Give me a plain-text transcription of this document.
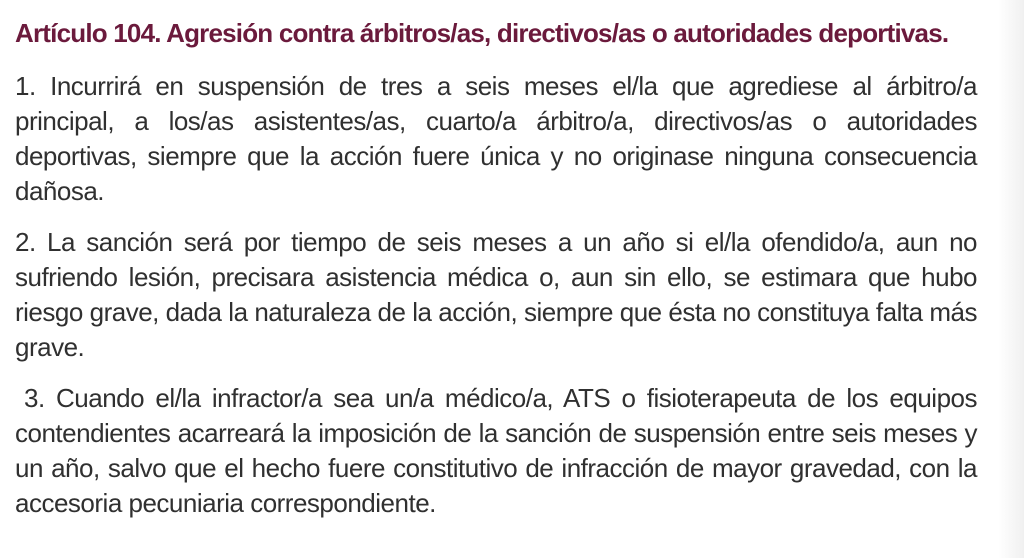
Artículo 104. Agresión contra árbitros/as, directivos/as o autoridades deportivas.

1. Incurrirá en suspensión de tres a seis meses el/la que agrediese al árbitro/a principal, a los/as asistentes/as, cuarto/a árbitro/a, directivos/as o autoridades deportivas, siempre que la acción fuere única y no originase ninguna consecuencia dañosa.

2. La sanción será por tiempo de seis meses a un año si el/la ofendido/a, aun no sufriendo lesión, precisara asistencia médica o, aun sin ello, se estimara que hubo riesgo grave, dada la naturaleza de la acción, siempre que ésta no constituya falta más grave.

3. Cuando el/la infractor/a sea un/a médico/a, ATS o fisioterapeuta de los equipos contendientes acarreará la imposición de la sanción de suspensión entre seis meses y un año, salvo que el hecho fuere constitutivo de infracción de mayor gravedad, con la accesoria pecuniaria correspondiente.
